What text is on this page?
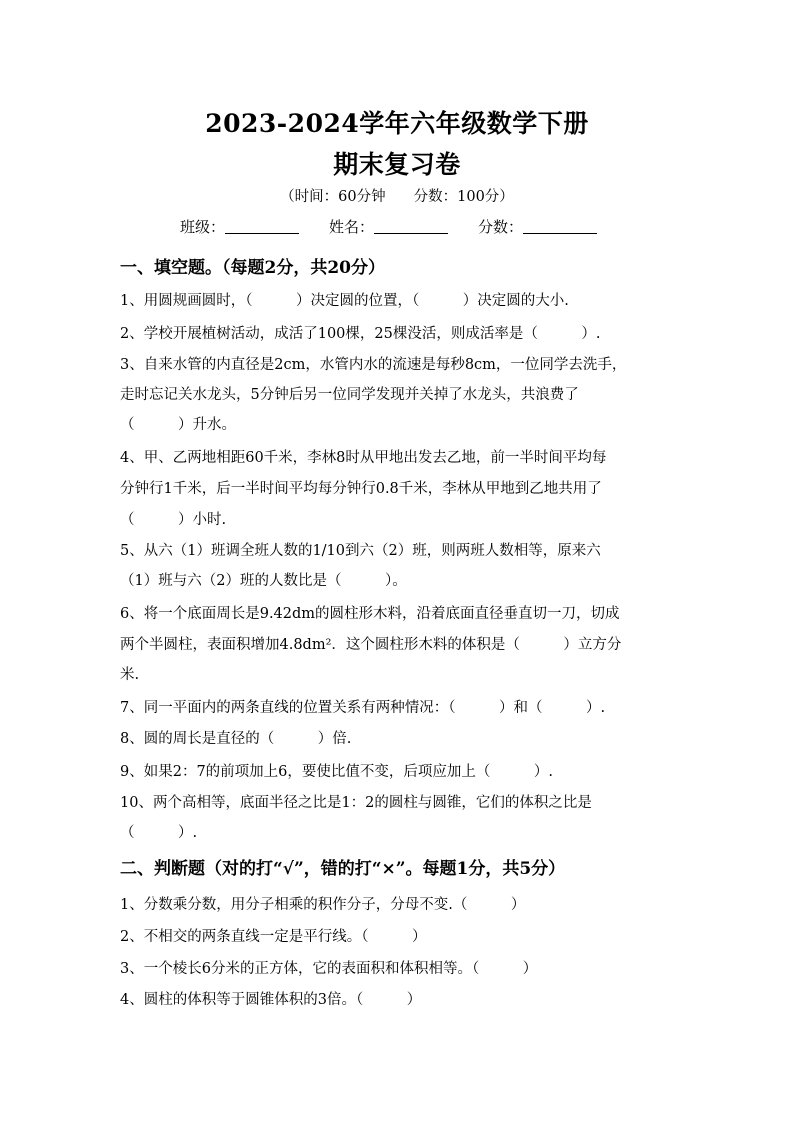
2023-2024学年六年级数学下册
期末复习卷
（时间：60分钟 分数：100分）
班级：	姓名：	分数：
一、填空题。（每题2分，共20分）
1、用圆规画圆时，（　　　）决定圆的位置，（　　　）决定圆的大小.
2、学校开展植树活动，成活了100棵，25棵没活，则成活率是（　　　）.
3、自来水管的内直径是2cm，水管内水的流速是每秒8cm，一位同学去洗手，
走时忘记关水龙头，5分钟后另一位同学发现并关掉了水龙头，共浪费了
（　　　）升水。
4、甲、乙两地相距60千米，李林8时从甲地出发去乙地，前一半时间平均每
分钟行1千米，后一半时间平均每分钟行0.8千米，李林从甲地到乙地共用了
（　　　）小时.
5、从六（1）班调全班人数的1/10到六（2）班，则两班人数相等，原来六
（1）班与六（2）班的人数比是（　　　）。
6、将一个底面周长是9.42dm的圆柱形木料，沿着底面直径垂直切一刀，切成
两个半圆柱，表面积增加4.8dm²．这个圆柱形木料的体积是（　　　）立方分
米.
7、同一平面内的两条直线的位置关系有两种情况：（　　　）和（　　　）.
8、圆的周长是直径的（　　　）倍.
9、如果2：7的前项加上6，要使比值不变，后项应加上（　　　）.
10、两个高相等，底面半径之比是1：2的圆柱与圆锥，它们的体积之比是
（　　　）.
二、判断题（对的打“√”，错的打“×”。每题1分，共5分）
1、分数乘分数，用分子相乘的积作分子，分母不变.（　　　）
2、不相交的两条直线一定是平行线。（　　　）
3、一个棱长6分米的正方体，它的表面积和体积相等。（　　　）
4、圆柱的体积等于圆锥体积的3倍。（　　　）
